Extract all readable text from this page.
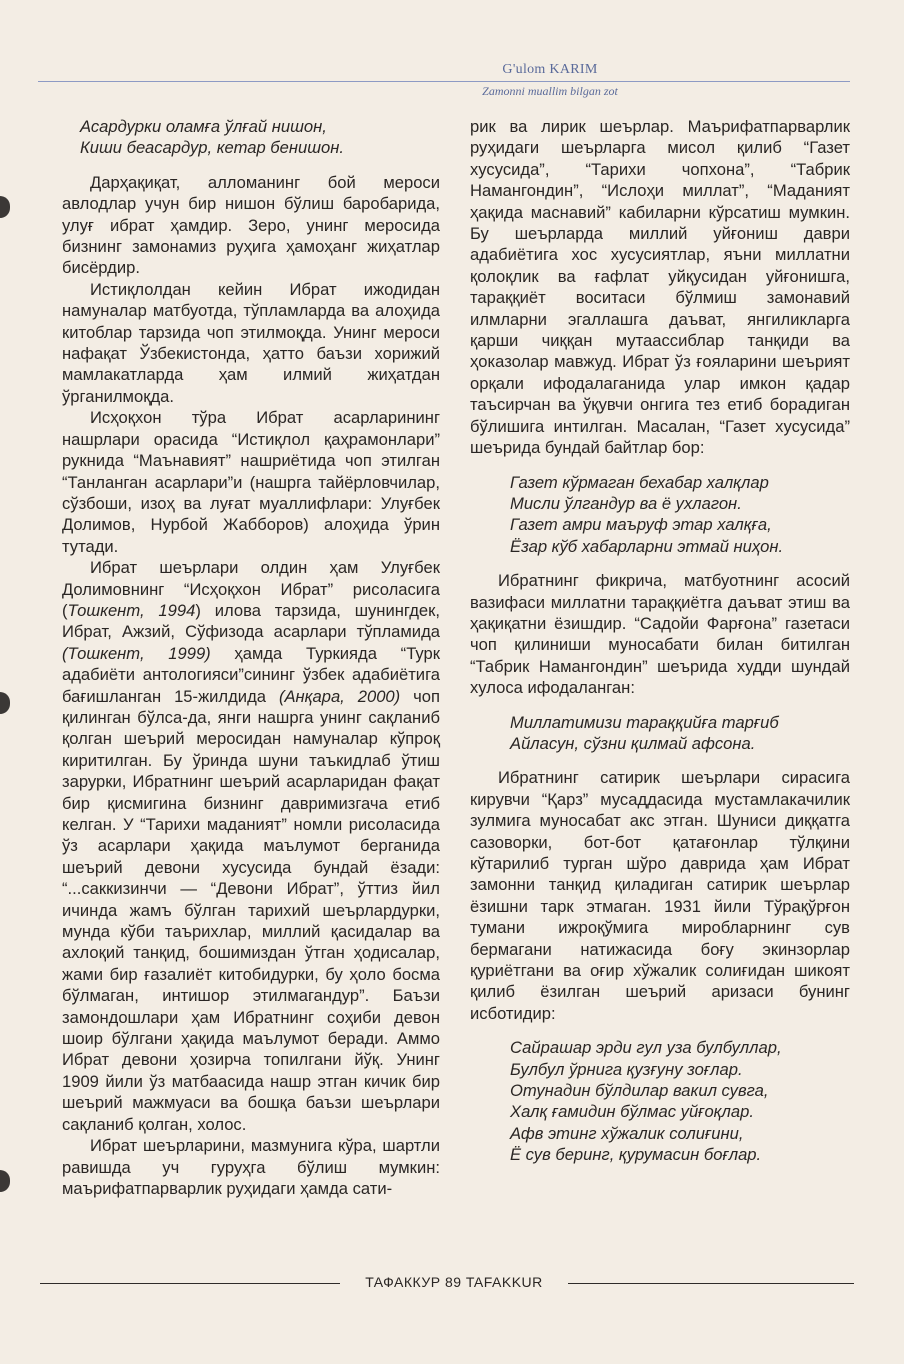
G'ulom KARIM
Zamonni muallim bilgan zot
Асардурки оламға ўлғай нишон,
Киши беасардур, кетар бенишон.

Дарҳақиқат, алломанинг бой мероси авлодлар учун бир нишон бўлиш баробарида, улуғ ибрат ҳамдир. Зеро, унинг меросида бизнинг замонамиз руҳига ҳамоҳанг жиҳатлар бисёрдир.

Истиқлолдан кейин Ибрат ижодидан намуналар матбуотда, тўпламларда ва алоҳида китоблар тарзида чоп этилмоқда. Унинг мероси нафақат Ўзбекистонда, ҳатто баъзи хорижий мамлакатларда ҳам илмий жиҳатдан ўрганилмоқда.

Исҳоқхон тўра Ибрат асарларининг нашрлари орасида “Истиқлол қаҳрамонлари” рукнида “Маънавият” нашриётида чоп этилган “Танланган асарлари”и (нашрга тайёрловчилар, сўзбоши, изоҳ ва луғат муаллифлари: Улуғбек Долимов, Нурбой Жабборов) алоҳида ўрин тутади.

Ибрат шеърлари олдин ҳам Улуғбек Долимовнинг “Исҳоқхон Ибрат” рисоласига (Тошкент, 1994) илова тарзида, шунингдек, Ибрат, Ажзий, Сўфизода асарлари тўпламида (Тошкент, 1999) ҳамда Туркияда “Турк адабиёти антологияси”сининг ўзбек адабиётига бағишланган 15-жилдида (Анқара, 2000) чоп қилинган бўлса-да, янги нашрга унинг сақланиб қолган шеърий меросидан намуналар кўпроқ киритилган. Бу ўринда шуни таъкидлаб ўтиш зарурки, Ибратнинг шеърий асарларидан фақат бир қисмигина бизнинг давримизгача етиб келган. У “Тарихи маданият” номли рисоласида ўз асарлари ҳақида маълумот берганида шеърий девони хусусида бундай ёзади: “...саккизинчи — “Девони Ибрат”, ўттиз йил ичинда жамъ бўлган тарихий шеърлардурки, мунда кўби таърихлар, миллий қасидалар ва ахлоқий танқид, бошимиздан ўтган ҳодисалар, жами бир ғазалиёт китобидурки, бу ҳоло босма бўлмаган, интишор этилмагандур”. Баъзи замондошлари ҳам Ибратнинг соҳиби девон шоир бўлгани ҳақида маълумот беради. Аммо Ибрат девони ҳозирча топилгани йўқ. Унинг 1909 йили ўз матбаасида нашр этган кичик бир шеърий мажмуаси ва бошқа баъзи шеърлари сақланиб қолган, холос.

Ибрат шеърларини, мазмунига кўра, шартли равишда уч гуруҳга бўлиш мумкин: маърифатпарварлик руҳидаги ҳамда сати-

рик ва лирик шеърлар. Маърифатпарварлик руҳидаги шеърларга мисол қилиб “Газет хусусида”, “Тарихи чопхона”, “Табрик Намангондин”, “Ислоҳи миллат”, “Маданият ҳақида маснавий” кабиларни кўрсатиш мумкин. Бу шеърларда миллий уйғониш даври адабиётига хос хусусиятлар, яъни миллатни қолоқлик ва ғафлат уйқусидан уйғонишга, тараққиёт воситаси бўлмиш замонавий илмларни эгаллашга даъват, янгиликларга қарши чиққан мутаассиблар танқиди ва ҳоказолар мавжуд. Ибрат ўз ғояларини шеърият орқали ифодалаганида улар имкон қадар таъсирчан ва ўқувчи онгига тез етиб борадиган бўлишига интилган. Масалан, “Газет хусусида” шеърида бундай байтлар бор:

Газет кўрмаган бехабар халқлар
Мисли ўлгандур ва ё ухлагон.
Газет амри маъруф этар халқға,
Ёзар кўб хабарларни этмай ниҳон.

Ибратнинг фикрича, матбуотнинг асосий вазифаси миллатни тараққиётга даъват этиш ва ҳақиқатни ёзишдир. “Садойи Фарғона” газетаси чоп қилиниши муносабати билан битилган “Табрик Намангондин” шеърида худди шундай хулоса ифодаланган:

Миллатимизи тараққийға тарғиб
Айласун, сўзни қилмай афсона.

Ибратнинг сатирик шеърлари сирасига кирувчи “Қарз” мусаддасида мустамлакачилик зулмига муносабат акс этган. Шуниси диққатга сазоворки, бот-бот қатағонлар тўлқини кўтарилиб турган шўро даврида ҳам Ибрат замонни танқид қиладиган сатирик шеърлар ёзишни тарк этмаган. 1931 йили Тўрақўрғон тумани ижроқўмига миробларнинг сув бермагани натижасида боғу экинзорлар қуриётгани ва оғир хўжалик солиғидан шикоят қилиб ёзилган шеърий аризаси бунинг исботидир:

Сайрашар эрди гул уза булбуллар,
Булбул ўрнига қузғуну зоғлар.
Отунадин бўлдилар вакил сувга,
Халқ ғамидин бўлмас уйғоқлар.
Афв этинг хўжалик солиғини,
Ё сув беринг, қурумасин боғлар.
ТАФАККУР 89 TAFAKKUR
